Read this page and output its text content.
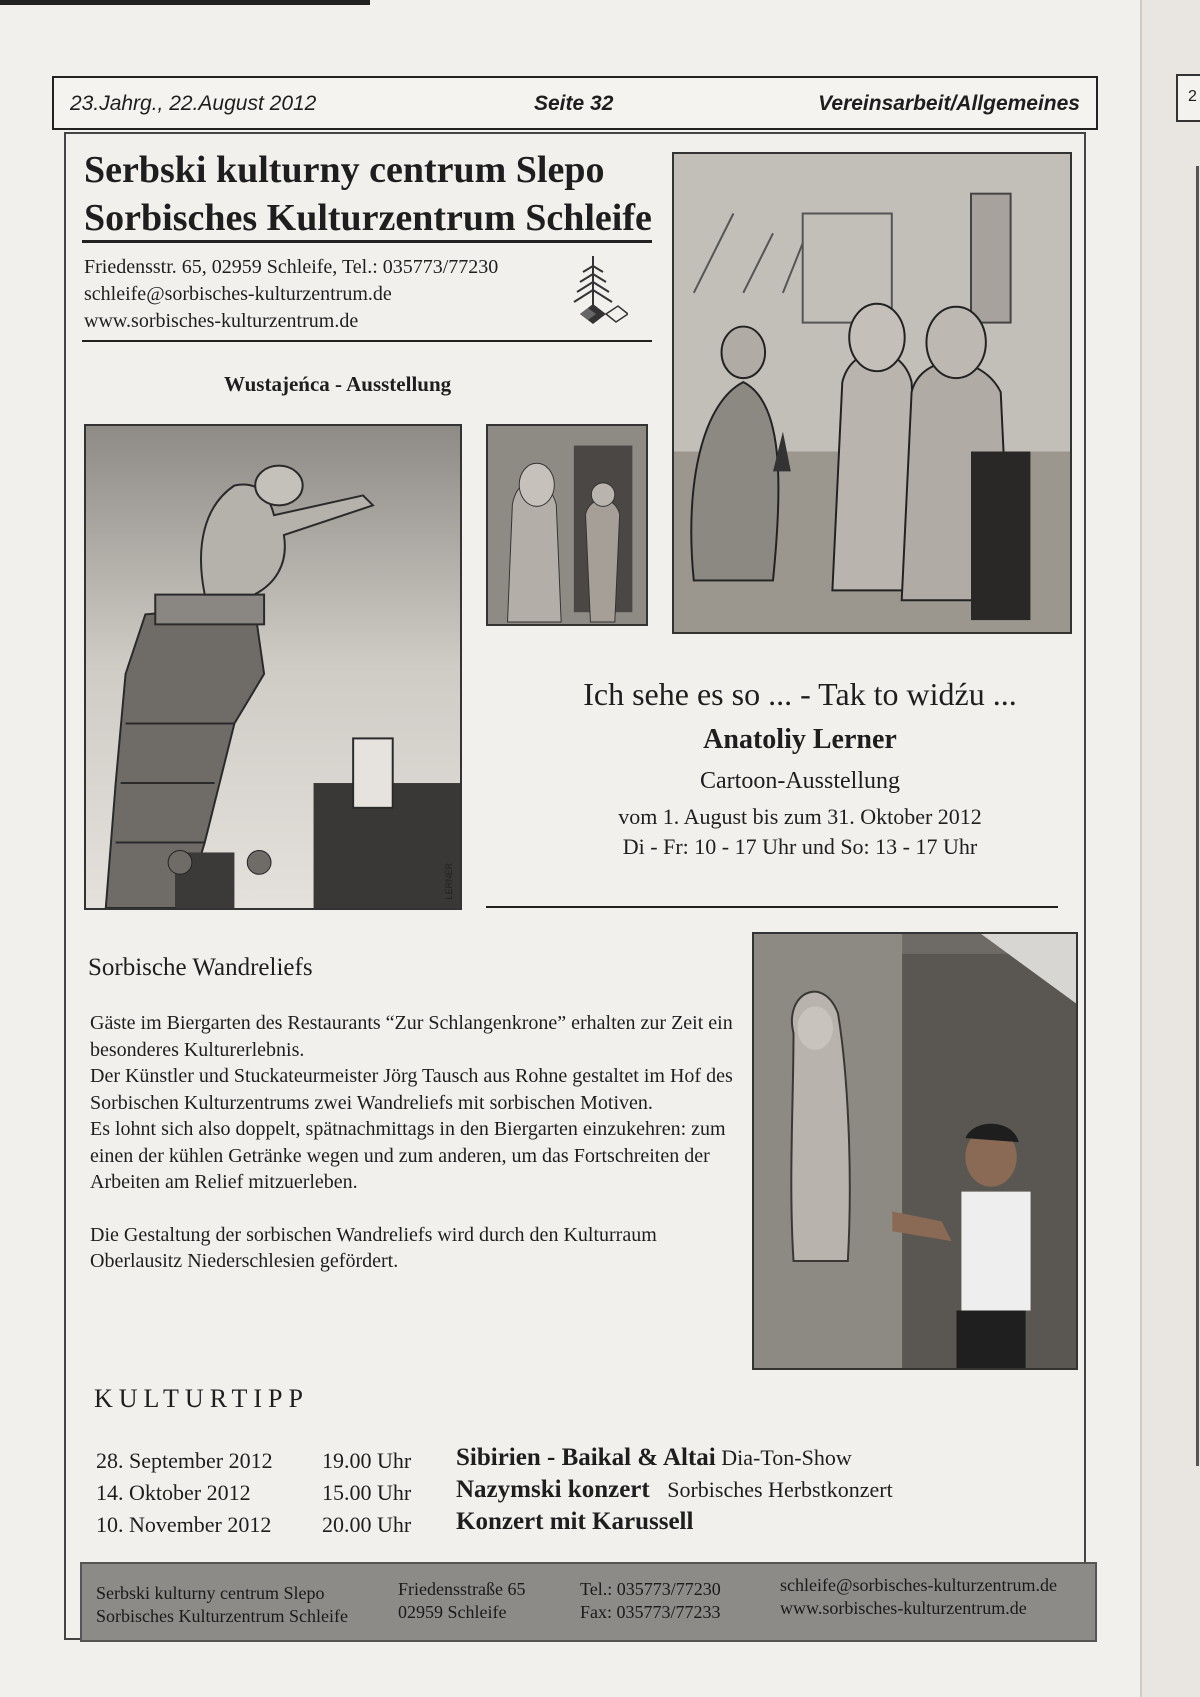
2
23.Jahrg., 22.August 2012	Seite 32	Vereinsarbeit/Allgemeines
Serbski kulturny centrum Slepo
Sorbisches Kulturzentrum Schleife
Friedensstr. 65, 02959 Schleife, Tel.: 035773/77230
schleife@sorbisches-kulturzentrum.de
www.sorbisches-kulturzentrum.de
Wustajeńca - Ausstellung
LERNER
Ich sehe es so ... - Tak to widźu ...
Anatoliy Lerner
Cartoon-Ausstellung
vom 1. August bis zum 31. Oktober 2012
Di - Fr: 10 - 17 Uhr und So: 13 - 17 Uhr
Sorbische Wandreliefs

Gäste im Biergarten des Restaurants “Zur Schlangenkrone” erhalten zur Zeit ein besonderes Kulturerlebnis.

Der Künstler und Stuckateurmeister Jörg Tausch aus Rohne gestaltet im Hof des Sorbischen Kulturzentrums zwei Wandreliefs mit sorbischen Motiven.

Es lohnt sich also doppelt, spätnachmittags in den Biergarten einzukehren: zum einen der kühlen Getränke wegen und zum anderen, um das Fortschreiten der Arbeiten am Relief mitzuerleben.

Die Gestaltung der sorbischen Wandreliefs wird durch den Kulturraum Oberlausitz Niederschlesien gefördert.

KULTURTIPP
28. September 2012 19.00 Uhr Sibirien - Baikal & Altai Dia-Ton-Show
14. Oktober 2012	15.00 Uhr Nazymski konzert Sorbisches Herbstkonzert
10. November 2012 20.00 Uhr Konzert mit Karussell
Serbski kulturny centrum Slepo
Sorbisches Kulturzentrum Schleife
Friedensstraße 65
02959 Schleife
Tel.: 035773/77230
Fax: 035773/77233
schleife@sorbisches-kulturzentrum.de
www.sorbisches-kulturzentrum.de
